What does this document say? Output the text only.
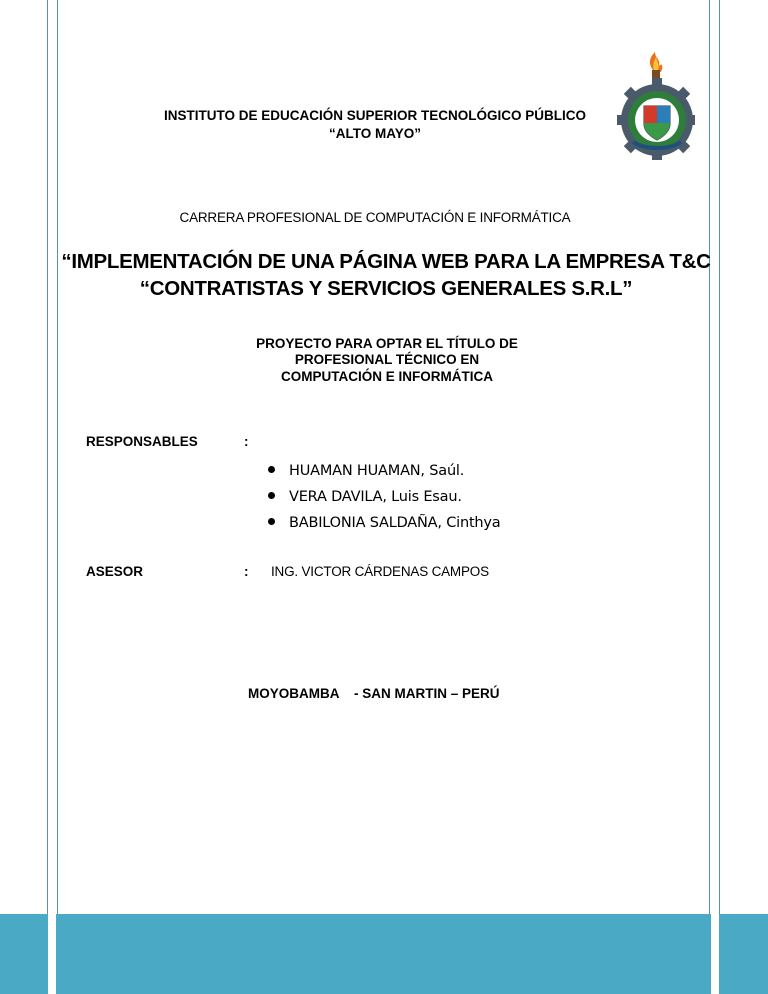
INSTITUTO DE EDUCACIÓN SUPERIOR TECNOLÓGICO PÚBLICO
“ALTO MAYO”
CARRERA PROFESIONAL DE COMPUTACIÓN E INFORMÁTICA
“IMPLEMENTACIÓN DE UNA PÁGINA WEB PARA LA EMPRESA T&C
“CONTRATISTAS Y SERVICIOS GENERALES S.R.L”
PROYECTO PARA OPTAR EL TÍTULO DE
PROFESIONAL TÉCNICO EN
COMPUTACIÓN E INFORMÁTICA
RESPONSABLES	:
HUAMAN HUAMAN, Saúl.
VERA DAVILA, Luis Esau.
BABILONIA SALDAÑA, Cinthya
ASESOR	: ING. VICTOR CÁRDENAS CAMPOS
MOYOBAMBA    - SAN MARTIN – PERÚ
